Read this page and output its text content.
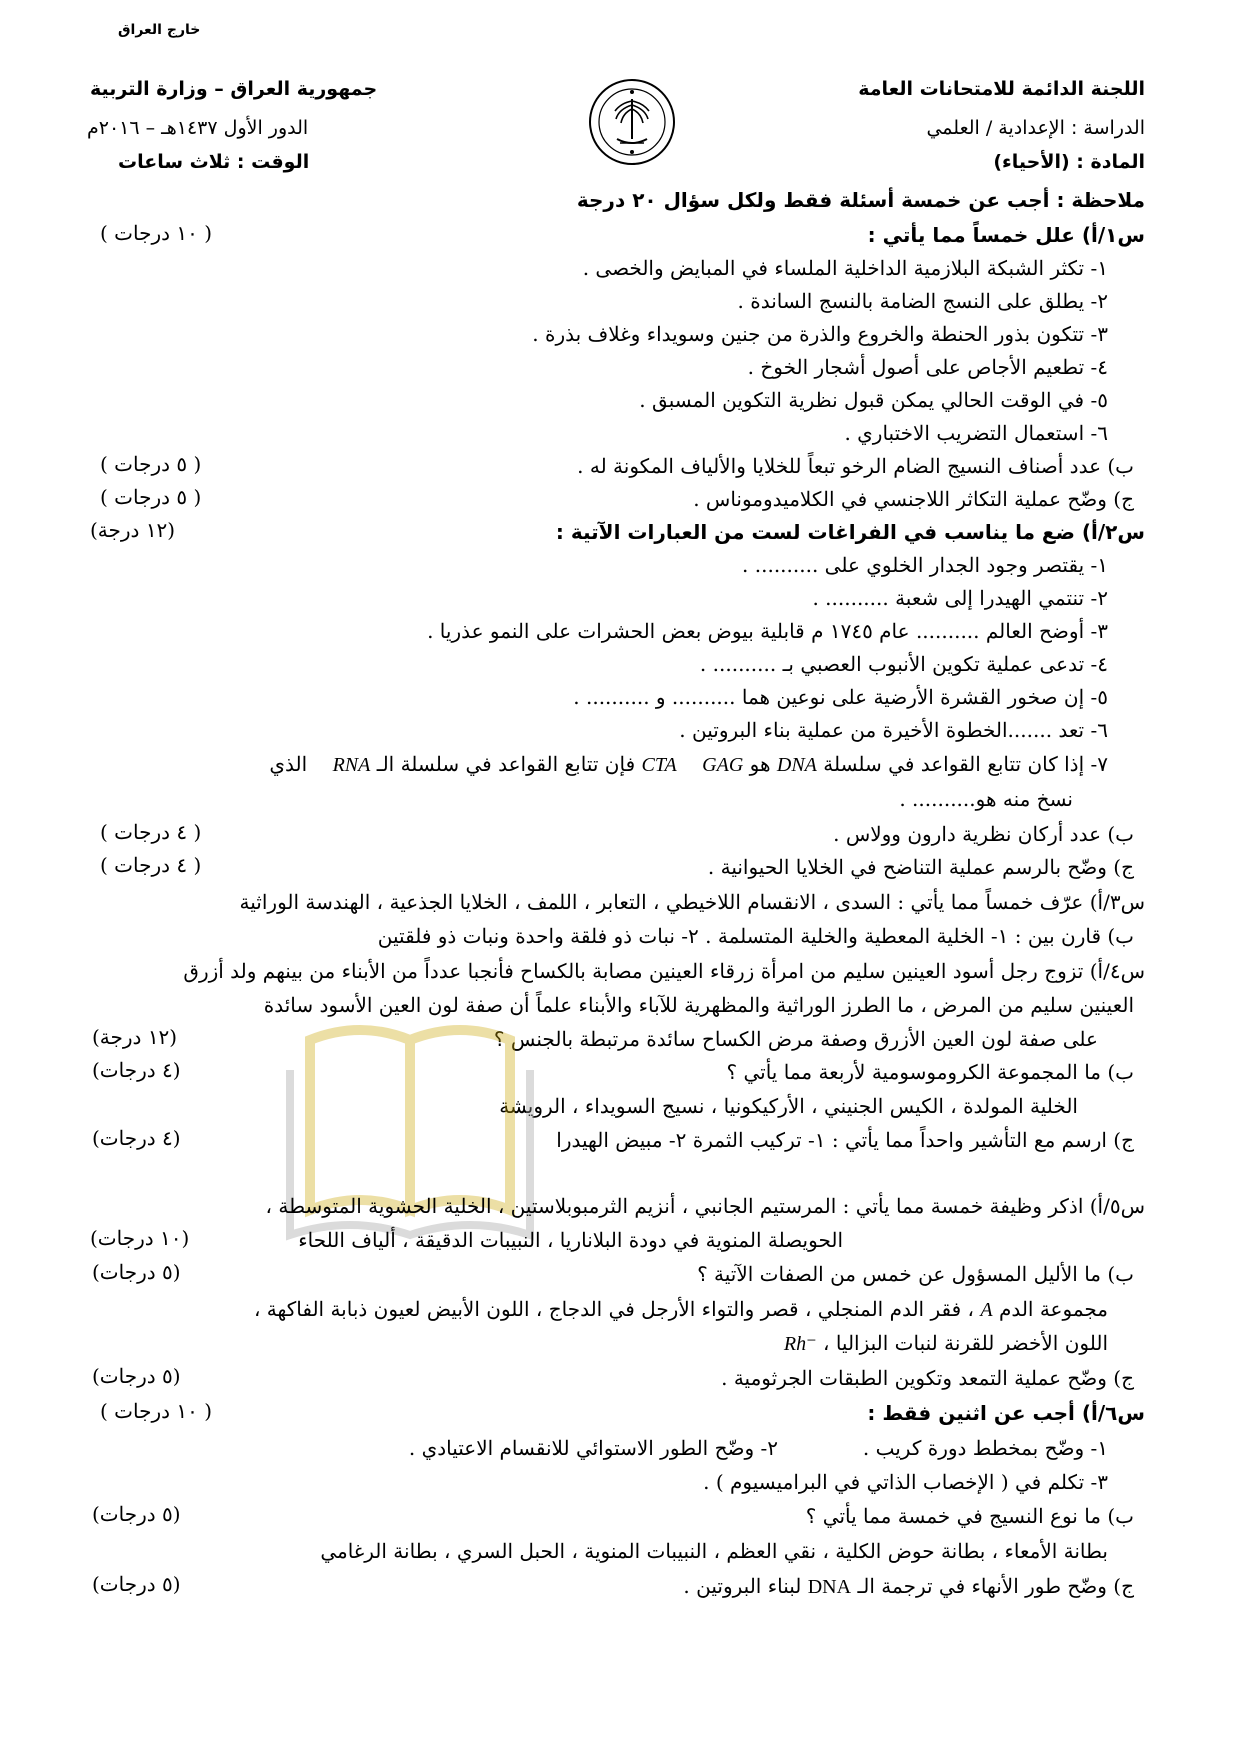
خارج العراق
اللجنة الدائمة للامتحانات العامة
الدراسة : الإعدادية / العلمي
المادة : (الأحياء)
جمهورية العراق – وزارة التربية
الدور الأول ١٤٣٧هـ – ٢٠١٦م
الوقت : ثلاث ساعات
ملاحظة : أجب عن خمسة أسئلة فقط ولكل سؤال ٢٠ درجة
س١/أ) علل خمساً مما يأتي :
( ١٠ درجات )
١- تكثر الشبكة البلازمية الداخلية الملساء في المبايض والخصى .
٢- يطلق على النسج الضامة بالنسج الساندة .
٣- تتكون بذور الحنطة والخروع والذرة من جنين وسويداء وغلاف بذرة .
٤- تطعيم الأجاص على أصول أشجار الخوخ .
٥- في الوقت الحالي يمكن قبول نظرية التكوين المسبق .
٦- استعمال التضريب الاختباري .
ب) عدد أصناف النسيج الضام الرخو تبعاً للخلايا والألياف المكونة له .
( ٥ درجات )
ج) وضّح عملية التكاثر اللاجنسي في الكلاميدوموناس .
( ٥ درجات )
س٢/أ) ضع ما يناسب في الفراغات لست من العبارات الآتية :
(١٢ درجة)
١- يقتصر وجود الجدار الخلوي على .......... .
٢- تنتمي الهيدرا إلى شعبة .......... .
٣- أوضح العالم .......... عام ١٧٤٥ م قابلية بيوض بعض الحشرات على النمو عذريا .
٤- تدعى عملية تكوين الأنبوب العصبي بـ .......... .
٥- إن صخور القشرة الأرضية على نوعين هما .......... و .......... .
٦- تعد .......الخطوة الأخيرة من عملية بناء البروتين .
٧- إذا كان تتابع القواعد في سلسلة DNA هو CTA GAG فإن تتابع القواعد في سلسلة الـ RNA    الذي
نسخ منه هو.......... .
ب) عدد أركان نظرية دارون وولاس .
( ٤ درجات )
ج) وضّح بالرسم عملية التناضح في الخلايا الحيوانية .
( ٤ درجات )
س٣/أ) عرّف خمساً مما يأتي : السدى ، الانقسام اللاخيطي ، التعابر ، اللمف ، الخلايا الجذعية ، الهندسة الوراثية
ب) قارن بين : ١- الخلية المعطية والخلية المتسلمة . ٢- نبات ذو فلقة واحدة ونبات ذو فلقتين
س٤/أ) تزوج رجل أسود العينين سليم من امرأة زرقاء العينين مصابة بالكساح فأنجبا عدداً من الأبناء من بينهم ولد أزرق
العينين سليم من المرض ، ما الطرز الوراثية والمظهرية للآباء والأبناء علماً أن صفة لون العين الأسود سائدة
على صفة لون العين الأزرق وصفة مرض الكساح سائدة مرتبطة بالجنس ؟
(١٢ درجة)
ب) ما المجموعة الكروموسومية لأربعة مما يأتي ؟
(٤ درجات)
الخلية المولدة ، الكيس الجنيني ، الأركيكونيا ، نسيج السويداء ، الرويشة
ج) ارسم مع التأشير واحداً مما يأتي : ١- تركيب الثمرة ٢- مبيض الهيدرا
(٤ درجات)
س٥/أ) اذكر وظيفة خمسة مما يأتي : المرستيم الجانبي ، أنزيم الثرمبوبلاستين ، الخلية الحشوية المتوسطة ،
الحويصلة المنوية في دودة البلاناريا ، النبيبات الدقيقة ، ألياف اللحاء
(١٠ درجات)
ب) ما الأليل المسؤول عن خمس من الصفات الآتية ؟
(٥ درجات)
مجموعة الدم A ، فقر الدم المنجلي ، قصر والتواء الأرجل في الدجاج ، اللون الأبيض لعيون ذبابة الفاكهة ،
اللون الأخضر للقرنة لنبات البزاليا ، Rh⁻
ج) وضّح عملية التمعد وتكوين الطبقات الجرثومية .
(٥ درجات)
س٦/أ) أجب عن اثنين فقط :
( ١٠ درجات )
١- وضّح بمخطط دورة كريب .
٢- وضّح الطور الاستوائي للانقسام الاعتيادي .
٣- تكلم في ( الإخصاب الذاتي في البراميسيوم ) .
ب) ما نوع النسيج في خمسة مما يأتي ؟
(٥ درجات)
بطانة الأمعاء ، بطانة حوض الكلية ، نقي العظم ، النبيبات المنوية ، الحبل السري ، بطانة الرغامي
ج) وضّح طور الأنهاء في ترجمة الـ DNA لبناء البروتين .
(٥ درجات)
